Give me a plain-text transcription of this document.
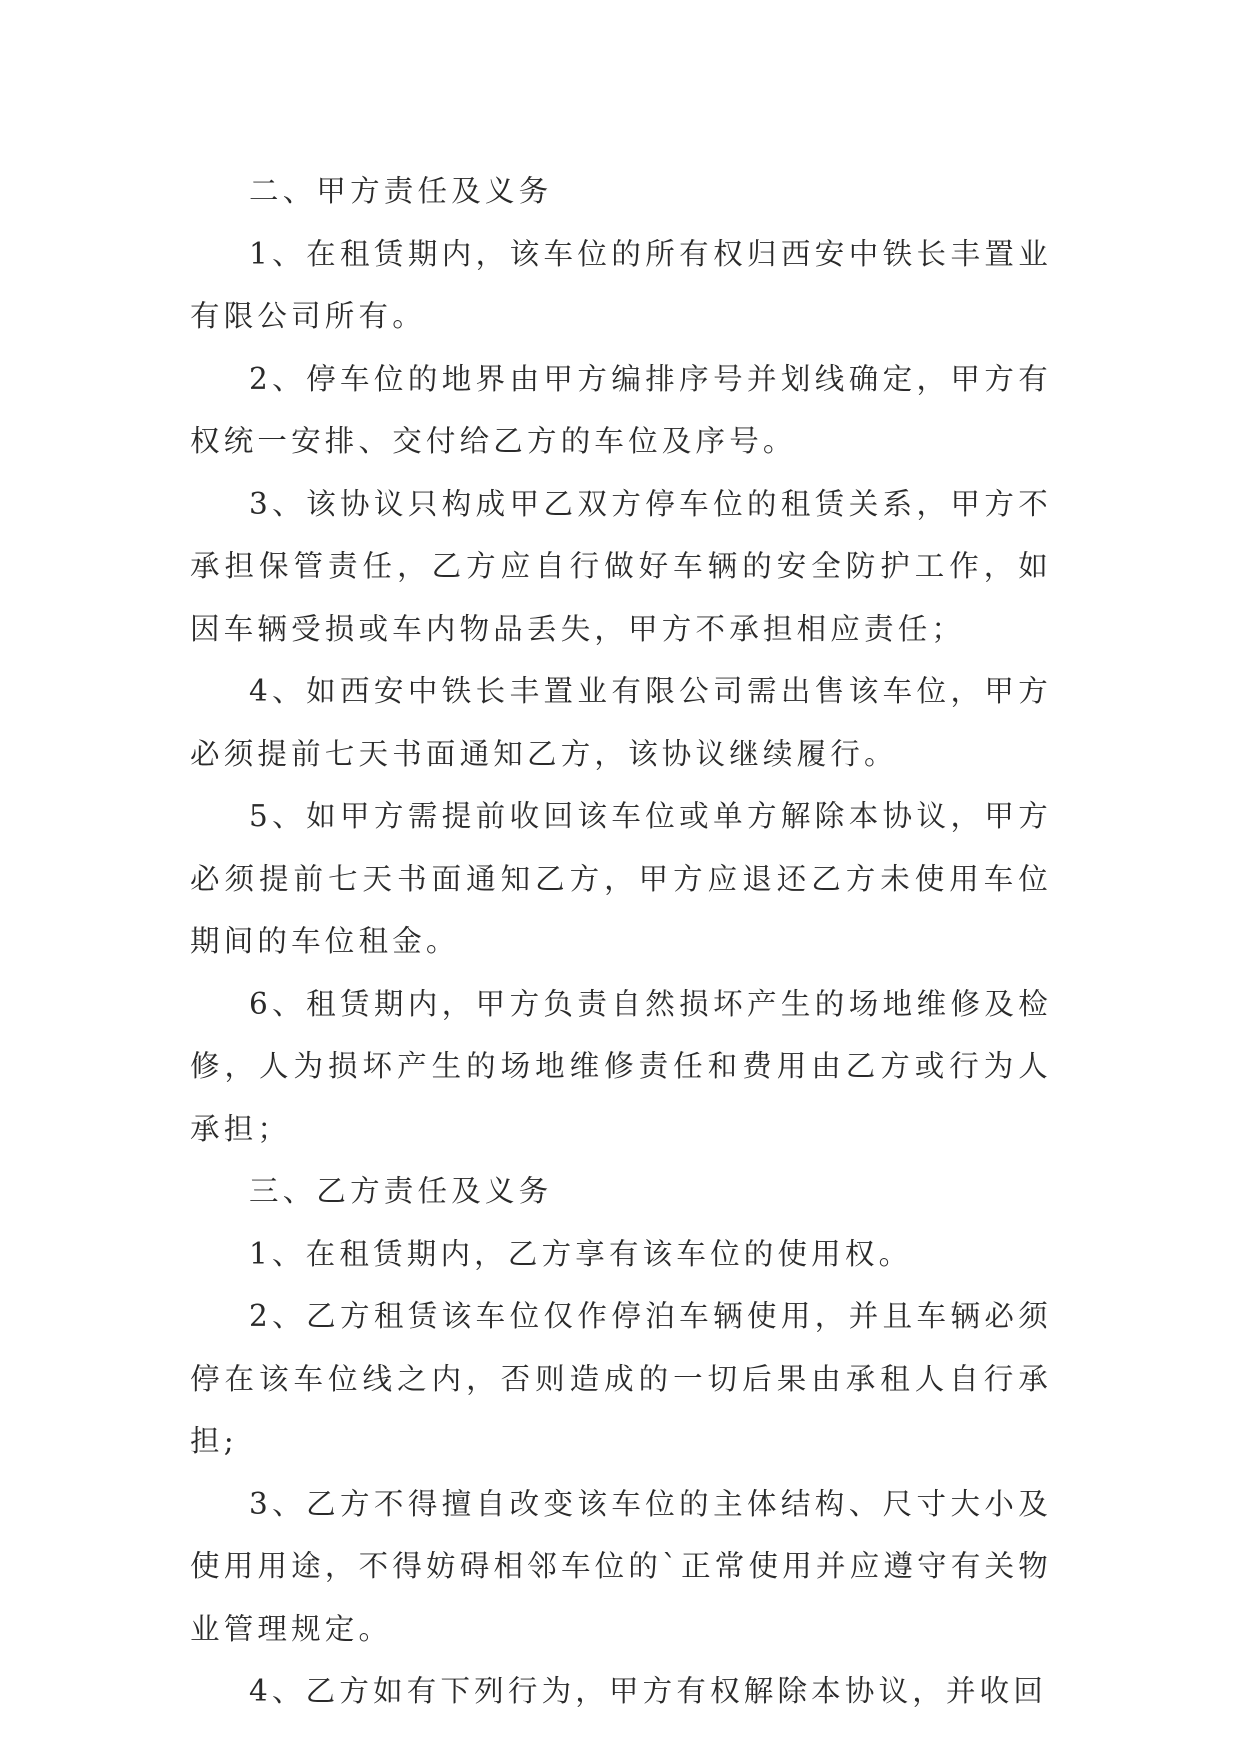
二、甲方责任及义务

1、在租赁期内，该车位的所有权归西安中铁长丰置业有限公司所有。

2、停车位的地界由甲方编排序号并划线确定，甲方有权统一安排、交付给乙方的车位及序号。

3、该协议只构成甲乙双方停车位的租赁关系，甲方不承担保管责任，乙方应自行做好车辆的安全防护工作，如因车辆受损或车内物品丢失，甲方不承担相应责任；

4、如西安中铁长丰置业有限公司需出售该车位，甲方必须提前七天书面通知乙方，该协议继续履行。

5、如甲方需提前收回该车位或单方解除本协议，甲方必须提前七天书面通知乙方，甲方应退还乙方未使用车位期间的车位租金。

6、租赁期内，甲方负责自然损坏产生的场地维修及检修，人为损坏产生的场地维修责任和费用由乙方或行为人承担；

三、乙方责任及义务

1、在租赁期内，乙方享有该车位的使用权。

2、乙方租赁该车位仅作停泊车辆使用，并且车辆必须停在该车位线之内，否则造成的一切后果由承租人自行承担;

3、乙方不得擅自改变该车位的主体结构、尺寸大小及使用用途，不得妨碍相邻车位的`正常使用并应遵守有关物业管理规定。

4、乙方如有下列行为，甲方有权解除本协议，并收回
